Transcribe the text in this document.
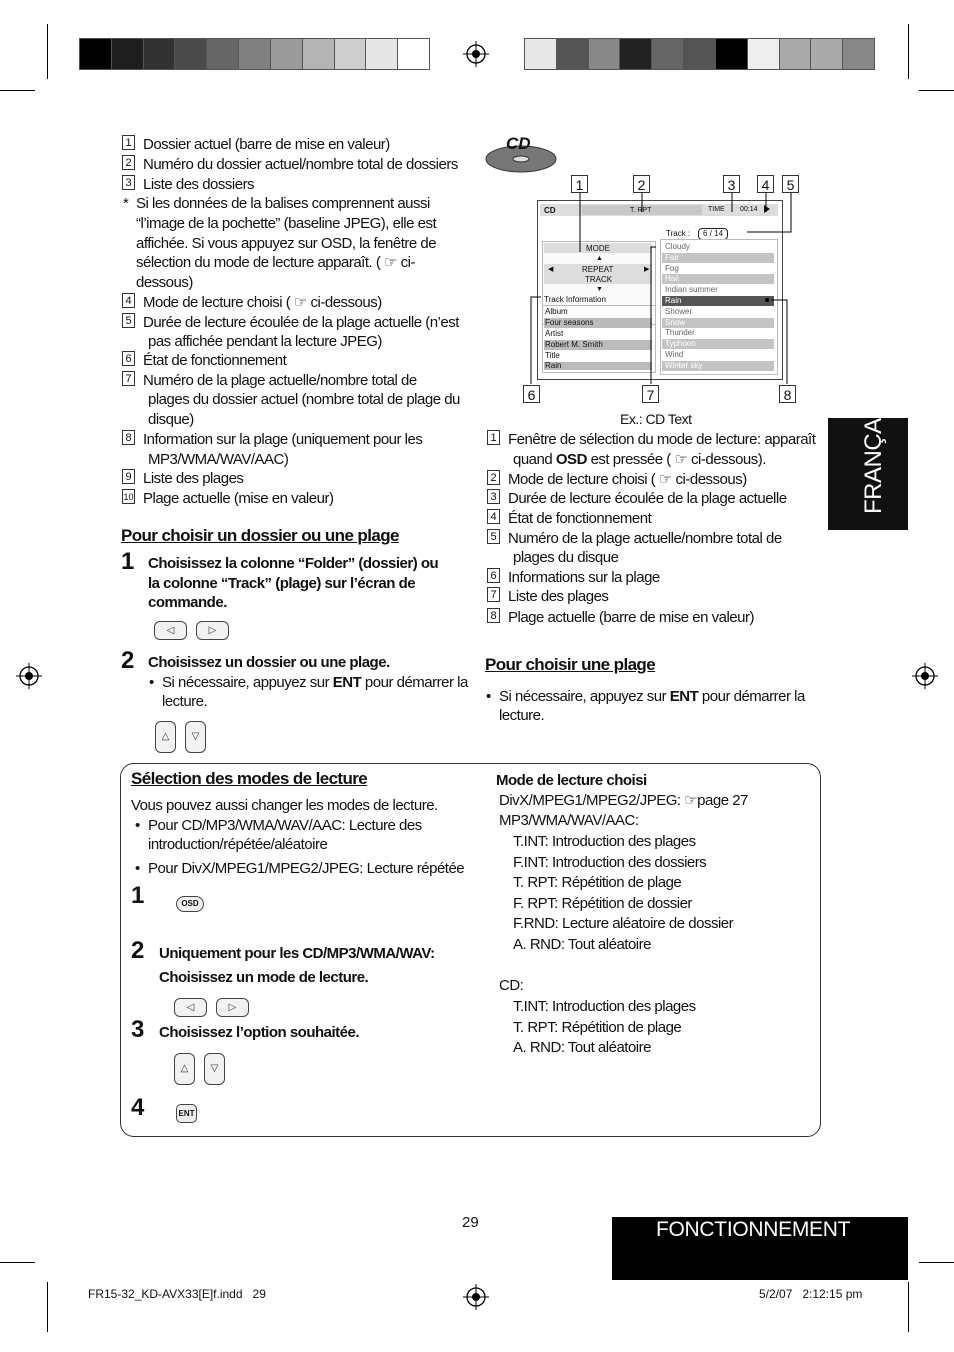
1 Dossier actuel (barre de mise en valeur)
2 Numéro du dossier actuel/nombre total de dossiers
3 Liste des dossiers
* Si les données de la balises comprennent aussi
“l’image de la pochette” (baseline JPEG), elle est
affichée. Si vous appuyez sur OSD, la fenêtre de
sélection du mode de lecture apparaît. ( ☞ ci-
dessous)
4 Mode de lecture choisi ( ☞ ci-dessous)
5 Durée de lecture écoulée de la plage actuelle (n’est
pas affichée pendant la lecture JPEG)
6 État de fonctionnement
7 Numéro de la plage actuelle/nombre total de
plages du dossier actuel (nombre total de plage du
disque)
8 Information sur la plage (uniquement pour les
MP3/WMA/WAV/AAC)
9 Liste des plages
10 Plage actuelle (mise en valeur)
Pour choisir un dossier ou une plage
1 Choisissez la colonne “Folder” (dossier) ou
la colonne “Track” (plage) sur l’écran de
commande.
◁	▷
2 Choisissez un dossier ou une plage.
• Si nécessaire, appuyez sur ENT pour démarrer la
lecture.
△	▽
CD
1	2	3	4	5
CD	T. RPT	TIME 00:14
Track :	6 / 14
MODE
▲
◀	REPEAT	▶
TRACK
▼
Track Information
Album
Four seasons
Artist
Robert M. Smith
Title
Rain
Cloudy
Fair
Fog
Hail
Indian summer
Rain
Shower
Snow
Thunder
Typhoon
Wind
Winter sky
6	7	8
Ex.: CD Text
1 Fenêtre de sélection du mode de lecture: apparaît
quand OSD est pressée ( ☞ ci-dessous).
2 Mode de lecture choisi ( ☞ ci-dessous)
3 Durée de lecture écoulée de la plage actuelle
4 État de fonctionnement
5 Numéro de la plage actuelle/nombre total de
plages du disque
6 Informations sur la plage
7 Liste des plages
8 Plage actuelle (barre de mise en valeur)
Pour choisir une plage
• Si nécessaire, appuyez sur ENT pour démarrer la
lecture.
FRANÇAIS
Sélection des modes de lecture
Vous pouvez aussi changer les modes de lecture.
• Pour CD/MP3/WMA/WAV/AAC: Lecture des
introduction/répétée/aléatoire
• Pour DivX/MPEG1/MPEG2/JPEG: Lecture répétée
1	OSD
2 Uniquement pour les CD/MP3/WMA/WAV:
Choisissez un mode de lecture.
◁	▷
3 Choisissez l’option souhaitée.
△	▽
4	ENT
Mode de lecture choisi
DivX/MPEG1/MPEG2/JPEG: ☞page 27
MP3/WMA/WAV/AAC:
T.INT: Introduction des plages
F.INT: Introduction des dossiers
T. RPT: Répétition de plage
F. RPT: Répétition de dossier
F.RND: Lecture aléatoire de dossier
A. RND: Tout aléatoire
CD:
T.INT: Introduction des plages
T. RPT: Répétition de plage
A. RND: Tout aléatoire
29	FONCTIONNEMENT
FR15-32_KD-AVX33[E]f.indd   29	5/2/07   2:12:15 pm
